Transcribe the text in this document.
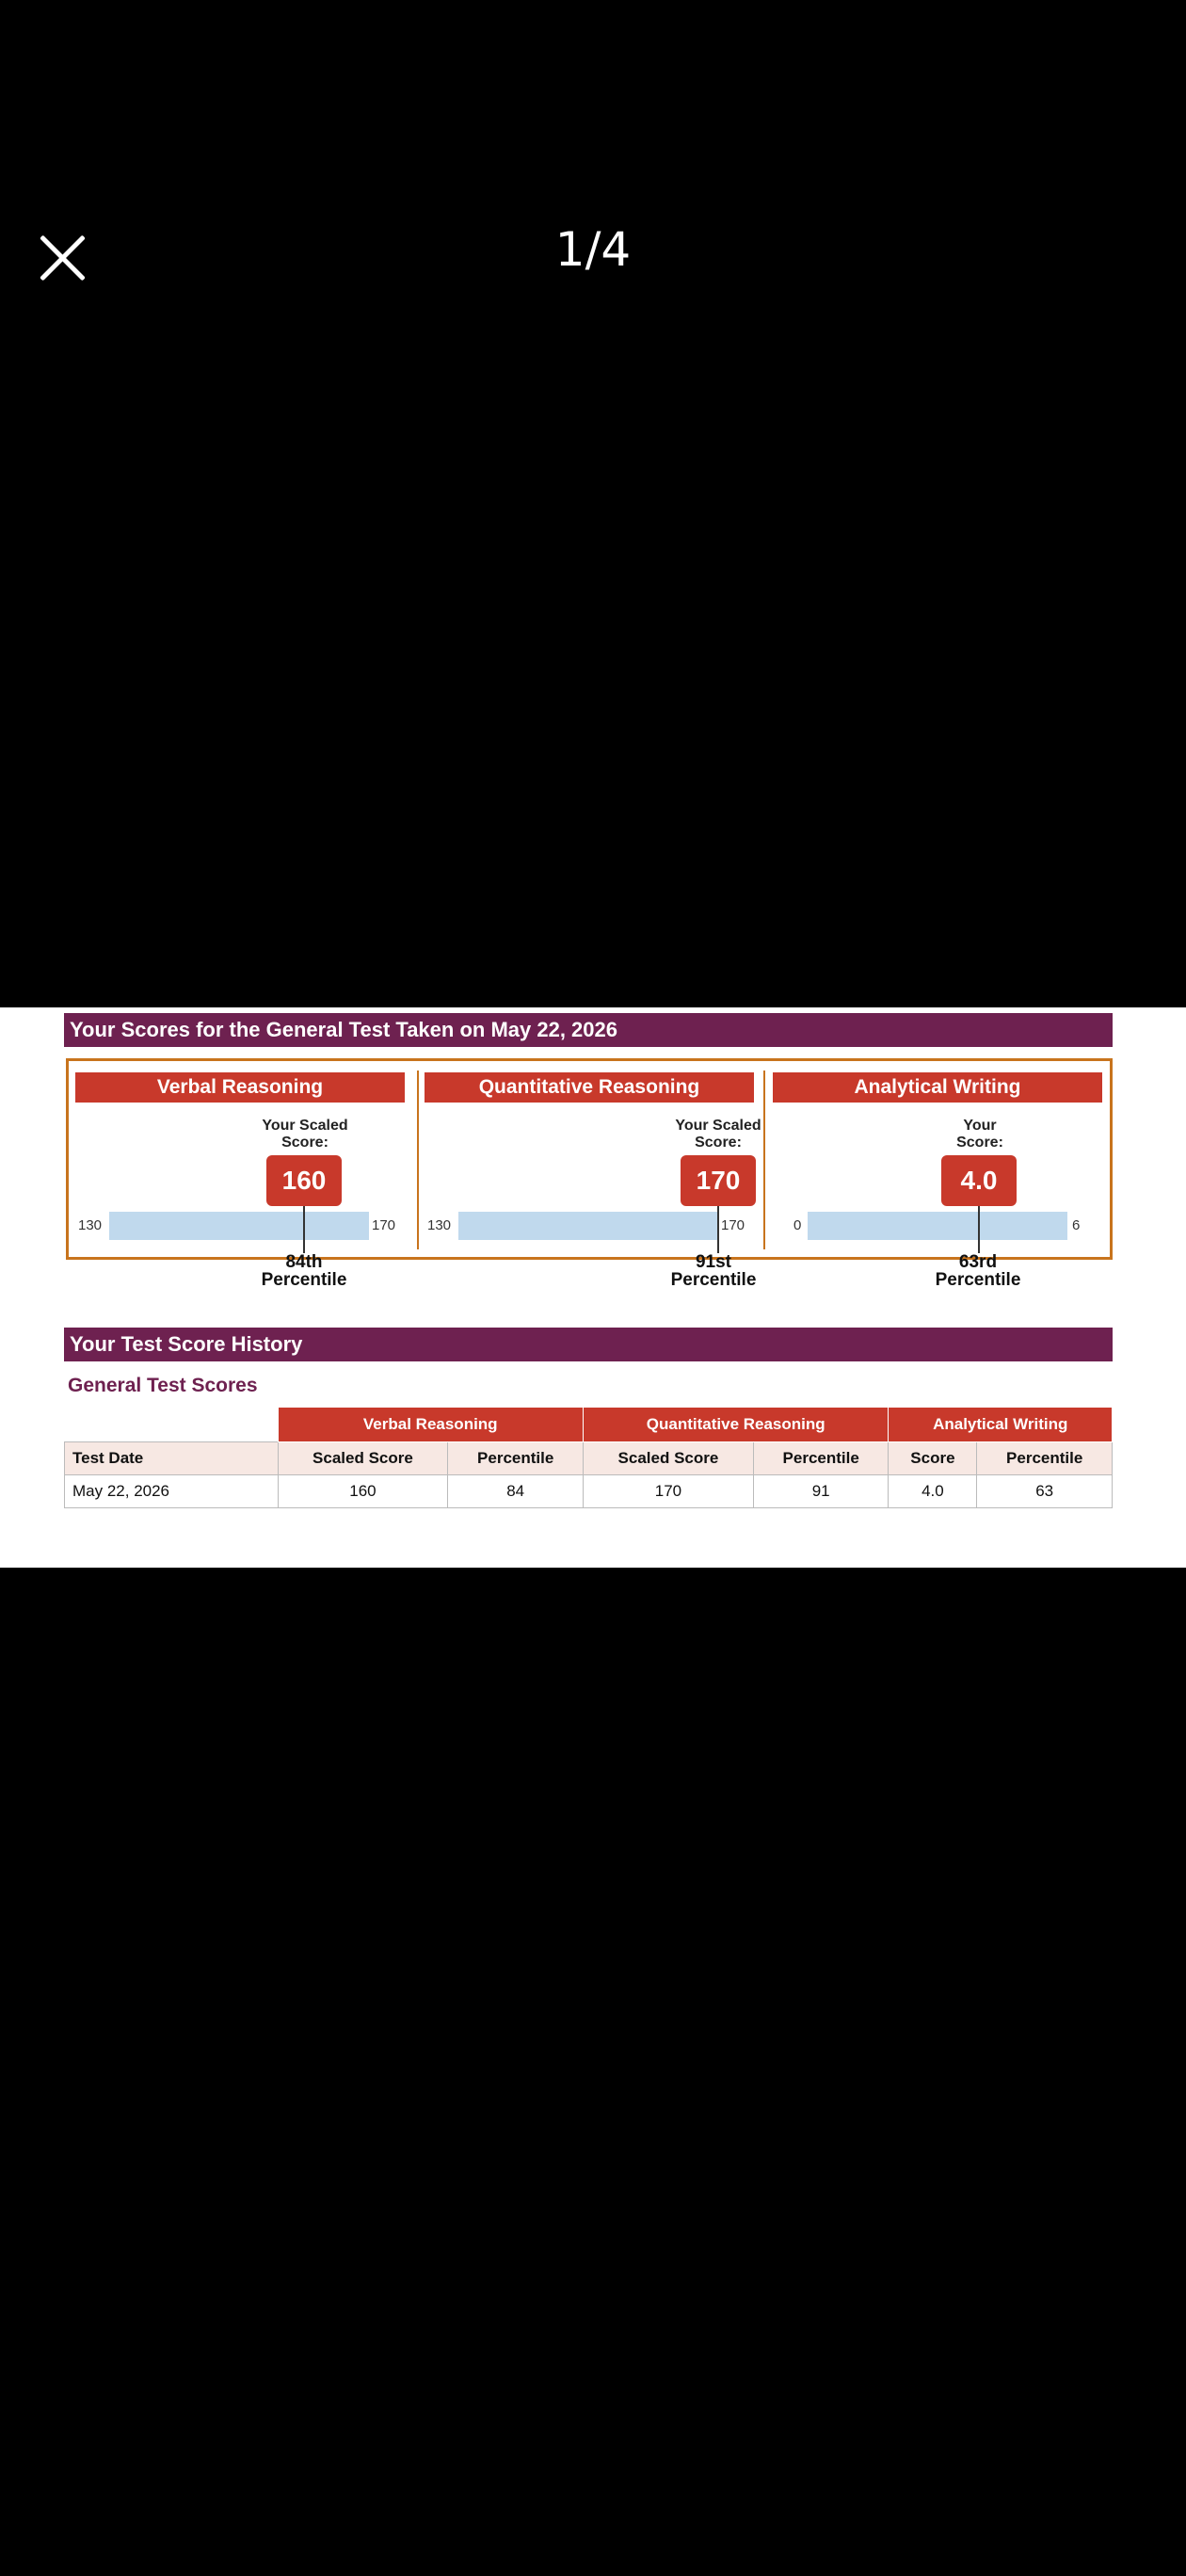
1/4
Your Scores for the General Test Taken on May 22, 2026
Verbal Reasoning
Your Scaled
Score:
160
130	170
84th
Percentile
Quantitative Reasoning
Your Scaled
Score:
170
130	170
91st
Percentile
Analytical Writing
Your
Score:
4.0
0	6
63rd
Percentile
Your Test Score History
General Test Scores
	Verbal Reasoning		Quantitative Reasoning		Analytical Writing	
Test Date	Scaled Score	Percentile	Scaled Score	Percentile	Score	Percentile
May 22, 2026	160	84	170	91	4.0	63
